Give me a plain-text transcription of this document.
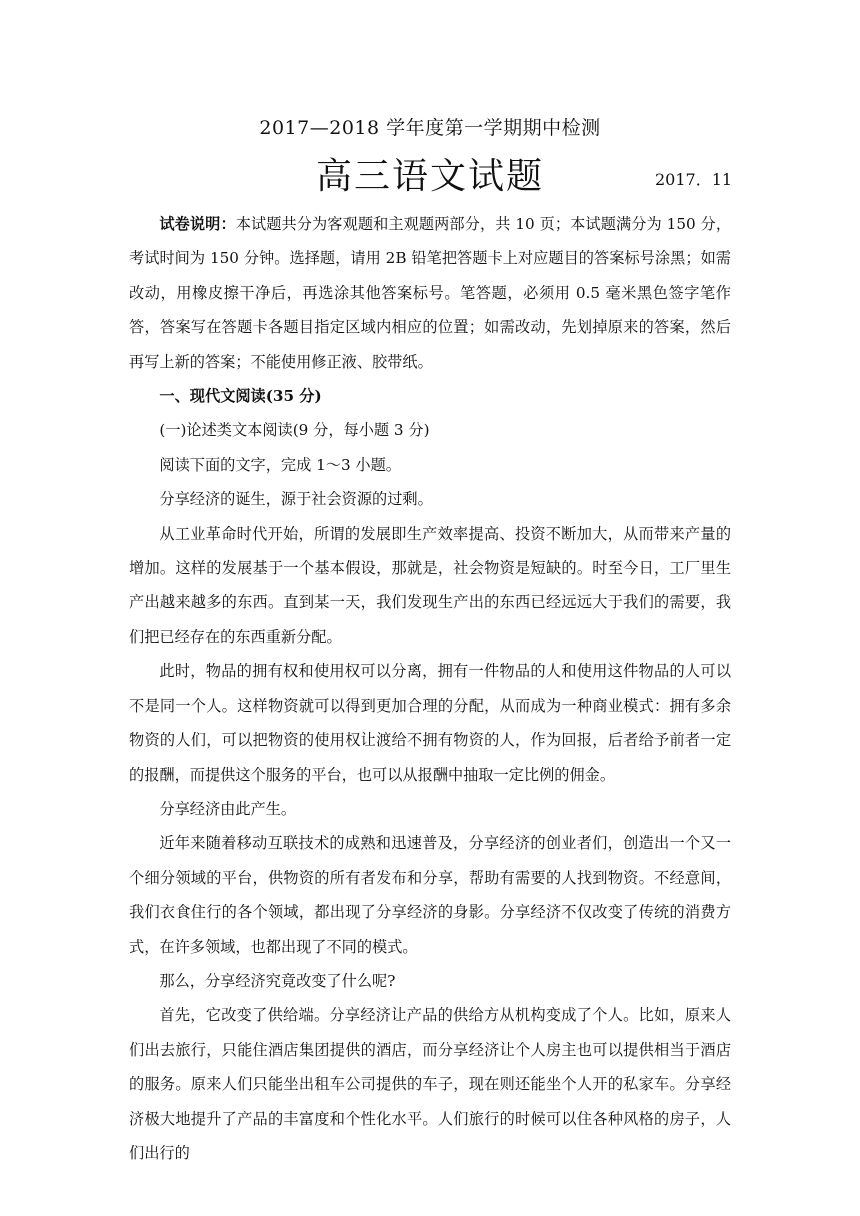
2017—2018 学年度第一学期期中检测
高三语文试题	2017．11

试卷说明：本试题共分为客观题和主观题两部分，共 10 页；本试题满分为 150 分，考试时间为 150 分钟。选择题，请用 2B 铅笔把答题卡上对应题目的答案标号涂黑；如需改动，用橡皮擦干净后，再选涂其他答案标号。笔答题，必须用 0.5 毫米黑色签字笔作答，答案写在答题卡各题目指定区域内相应的位置；如需改动，先划掉原来的答案，然后再写上新的答案；不能使用修正液、胶带纸。

一、现代文阅读(35 分)

(一)论述类文本阅读(9 分，每小题 3 分)

阅读下面的文字，完成 1～3 小题。

分享经济的诞生，源于社会资源的过剩。

从工业革命时代开始，所谓的发展即生产效率提高、投资不断加大，从而带来产量的增加。这样的发展基于一个基本假设，那就是，社会物资是短缺的。时至今日，工厂里生产出越来越多的东西。直到某一天，我们发现生产出的东西已经远远大于我们的需要，我们把已经存在的东西重新分配。

此时，物品的拥有权和使用权可以分离，拥有一件物品的人和使用这件物品的人可以不是同一个人。这样物资就可以得到更加合理的分配，从而成为一种商业模式：拥有多余物资的人们，可以把物资的使用权让渡给不拥有物资的人，作为回报，后者给予前者一定的报酬，而提供这个服务的平台，也可以从报酬中抽取一定比例的佣金。

分享经济由此产生。

近年来随着移动互联技术的成熟和迅速普及，分享经济的创业者们，创造出一个又一个细分领域的平台，供物资的所有者发布和分享，帮助有需要的人找到物资。不经意间，我们衣食住行的各个领域，都出现了分享经济的身影。分享经济不仅改变了传统的消费方式，在许多领域，也都出现了不同的模式。

那么，分享经济究竟改变了什么呢?

首先，它改变了供给端。分享经济让产品的供给方从机构变成了个人。比如，原来人们出去旅行，只能住酒店集团提供的酒店，而分享经济让个人房主也可以提供相当于酒店的服务。原来人们只能坐出租车公司提供的车子，现在则还能坐个人开的私家车。分享经济极大地提升了产品的丰富度和个性化水平。人们旅行的时候可以住各种风格的房子，人们出行的
